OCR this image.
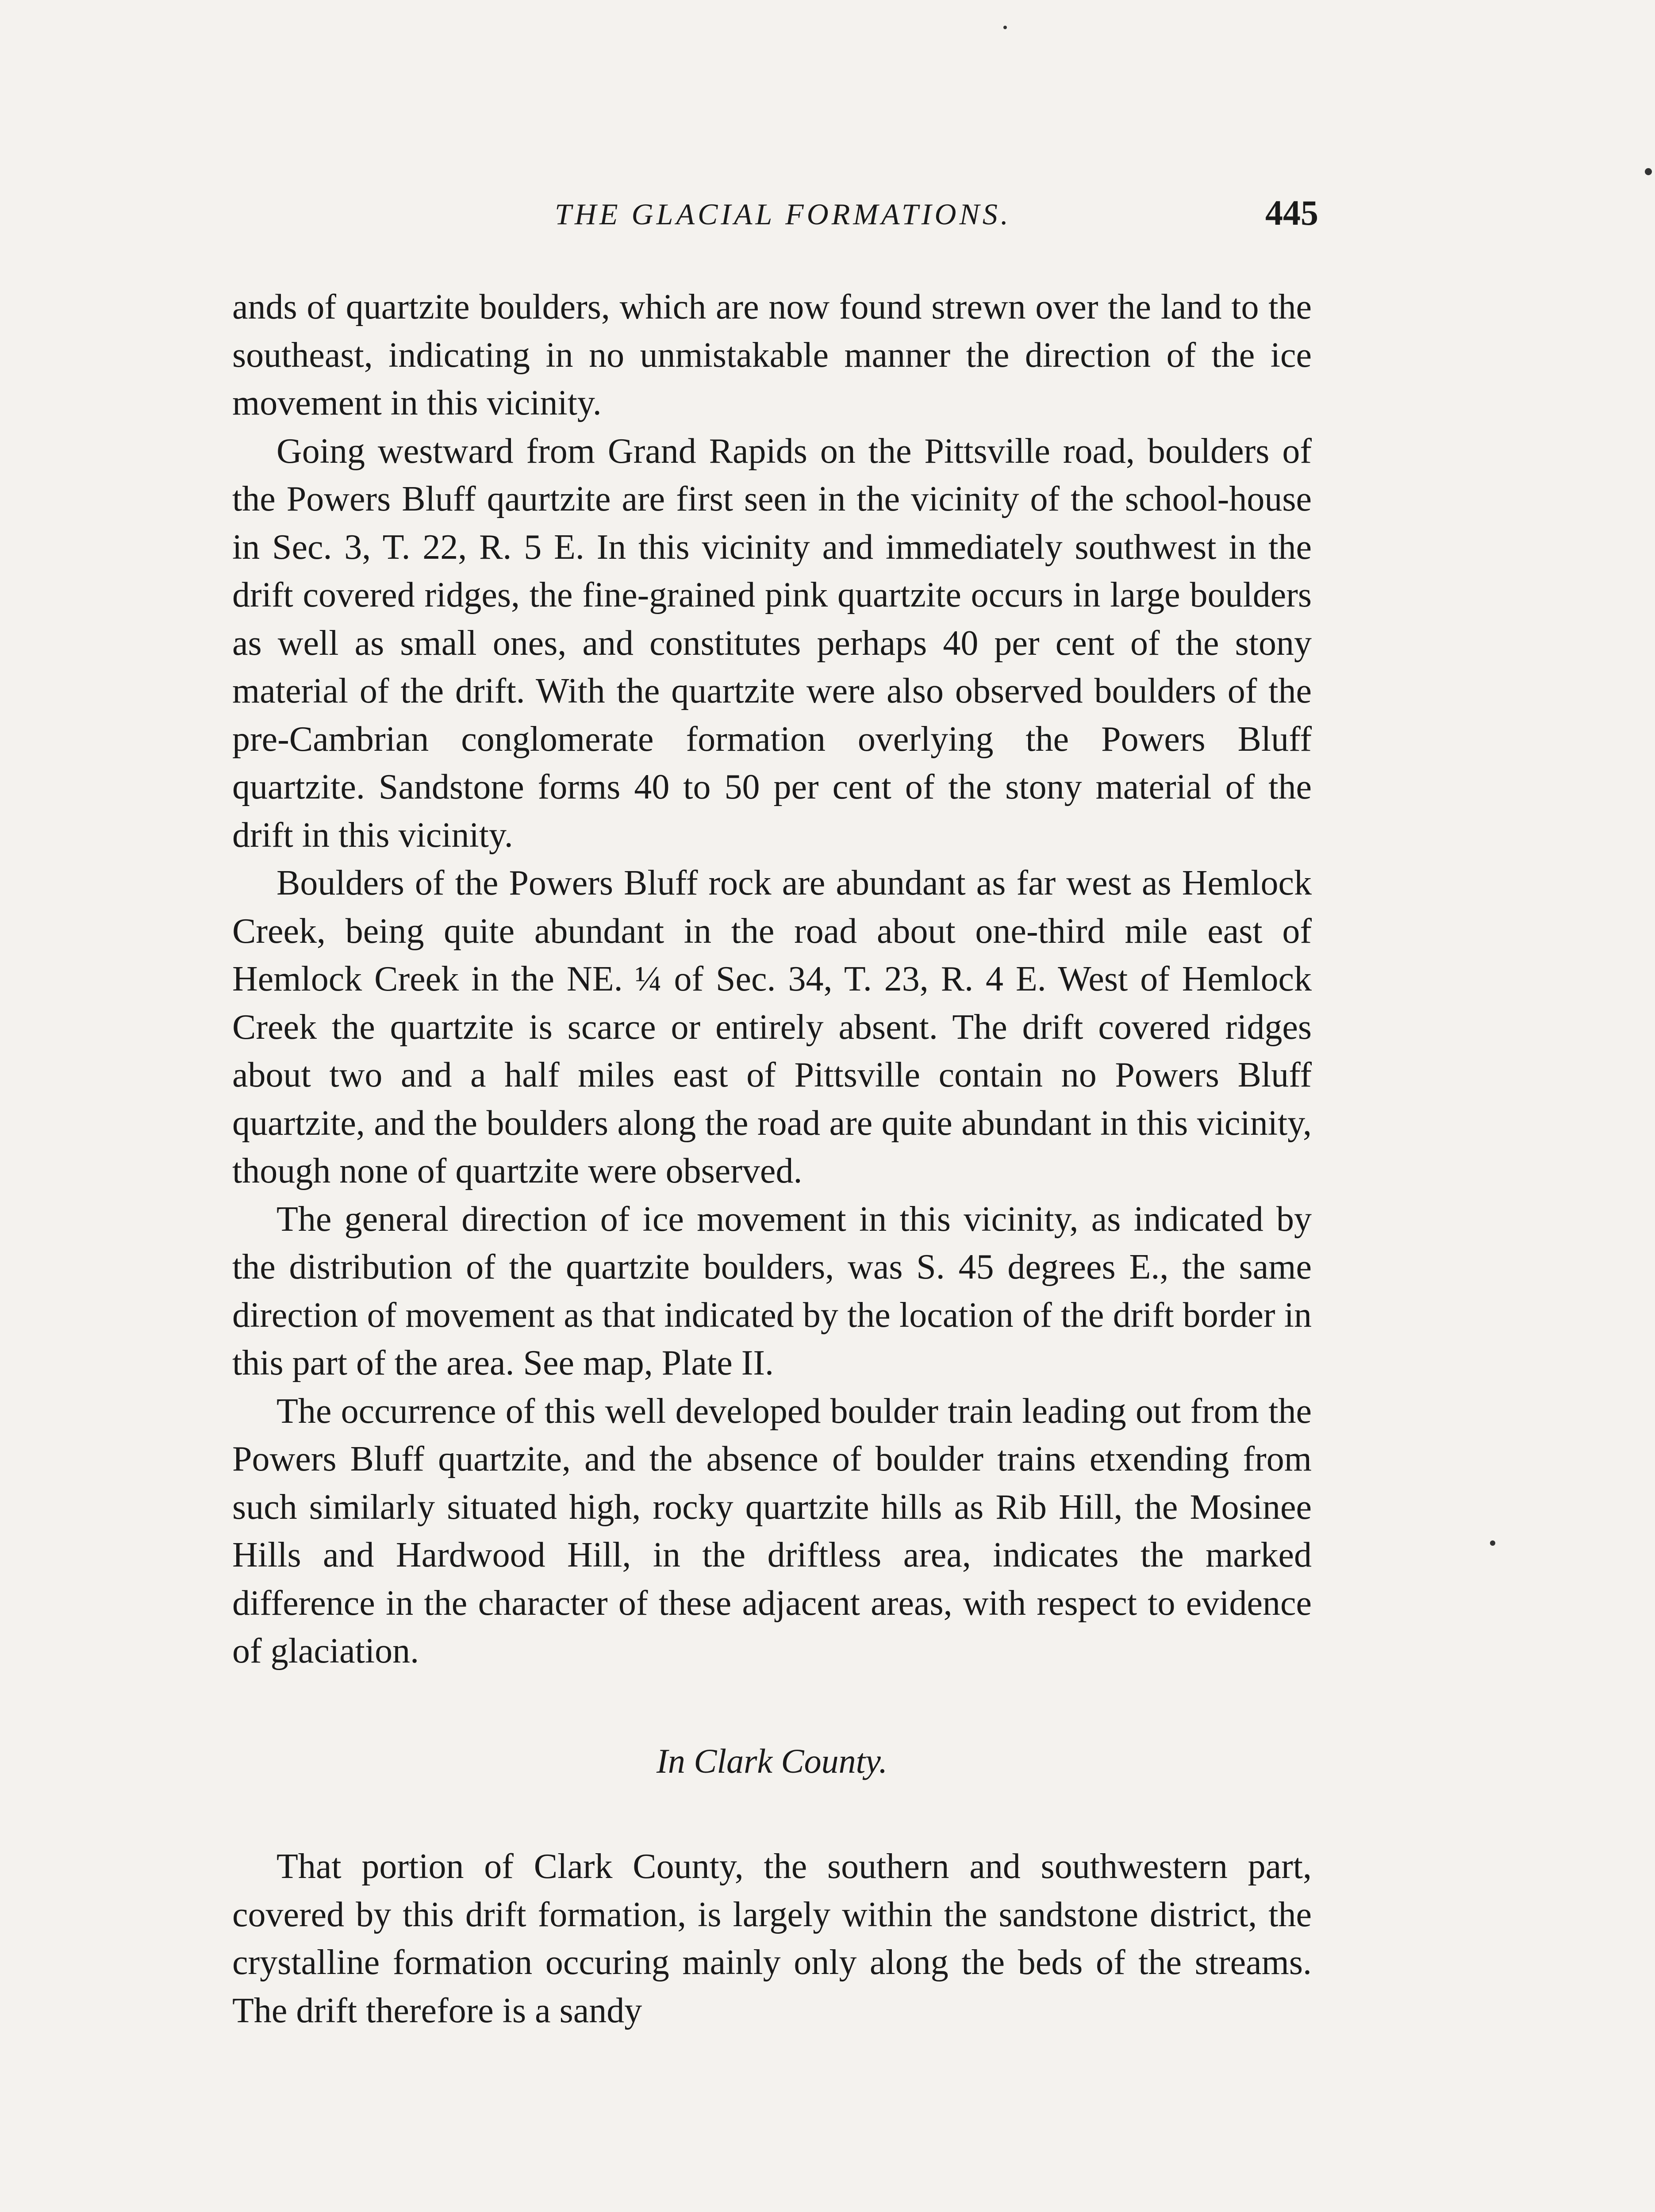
THE GLACIAL FORMATIONS.	445

ands of quartzite boulders, which are now found strewn over the land to the southeast, indicating in no unmistakable manner the direction of the ice movement in this vicinity.

Going westward from Grand Rapids on the Pittsville road, boulders of the Powers Bluff qaurtzite are first seen in the vicinity of the school-house in Sec. 3, T. 22, R. 5 E. In this vicinity and immediately southwest in the drift covered ridges, the fine-grained pink quartzite occurs in large boulders as well as small ones, and constitutes perhaps 40 per cent of the stony material of the drift. With the quartzite were also observed boulders of the pre-Cambrian conglomerate formation overlying the Powers Bluff quartzite. Sandstone forms 40 to 50 per cent of the stony material of the drift in this vicinity.

Boulders of the Powers Bluff rock are abundant as far west as Hemlock Creek, being quite abundant in the road about one-third mile east of Hemlock Creek in the NE. ¼ of Sec. 34, T. 23, R. 4 E. West of Hemlock Creek the quartzite is scarce or entirely absent. The drift covered ridges about two and a half miles east of Pittsville contain no Powers Bluff quartzite, and the boulders along the road are quite abundant in this vicinity, though none of quartzite were observed.

The general direction of ice movement in this vicinity, as indicated by the distribution of the quartzite boulders, was S. 45 degrees E., the same direction of movement as that indicated by the location of the drift border in this part of the area. See map, Plate II.

The occurrence of this well developed boulder train leading out from the Powers Bluff quartzite, and the absence of boulder trains etxending from such similarly situated high, rocky quartzite hills as Rib Hill, the Mosinee Hills and Hardwood Hill, in the driftless area, indicates the marked difference in the character of these adjacent areas, with respect to evidence of glaciation.

In Clark County.

That portion of Clark County, the southern and southwestern part, covered by this drift formation, is largely within the sandstone district, the crystalline formation occuring mainly only along the beds of the streams. The drift therefore is a sandy
